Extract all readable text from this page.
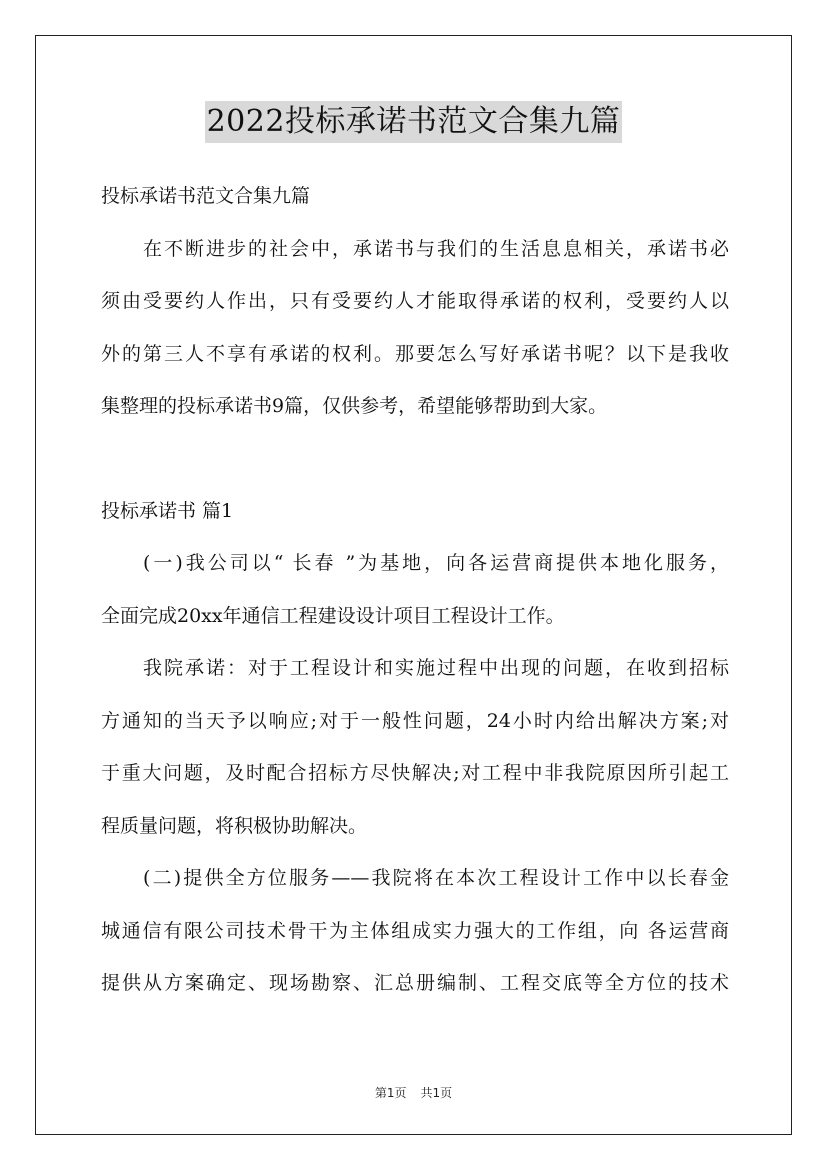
2022投标承诺书范文合集九篇
投标承诺书范文合集九篇
在不断进步的社会中，承诺书与我们的生活息息相关，承诺书必
须由受要约人作出，只有受要约人才能取得承诺的权利，受要约人以
外的第三人不享有承诺的权利。那要怎么写好承诺书呢？以下是我收
集整理的投标承诺书9篇，仅供参考，希望能够帮助到大家。
投标承诺书 篇1
(一)我公司以“ 长春 ”为基地，向各运营商提供本地化服务，
全面完成20xx年通信工程建设设计项目工程设计工作。
我院承诺：对于工程设计和实施过程中出现的问题，在收到招标
方通知的当天予以响应;对于一般性问题，24小时内给出解决方案;对
于重大问题，及时配合招标方尽快解决;对工程中非我院原因所引起工
程质量问题，将积极协助解决。
(二)提供全方位服务——我院将在本次工程设计工作中以长春金
城通信有限公司技术骨干为主体组成实力强大的工作组，向 各运营商
提供从方案确定、现场勘察、汇总册编制、工程交底等全方位的技术
第1页 共1页
